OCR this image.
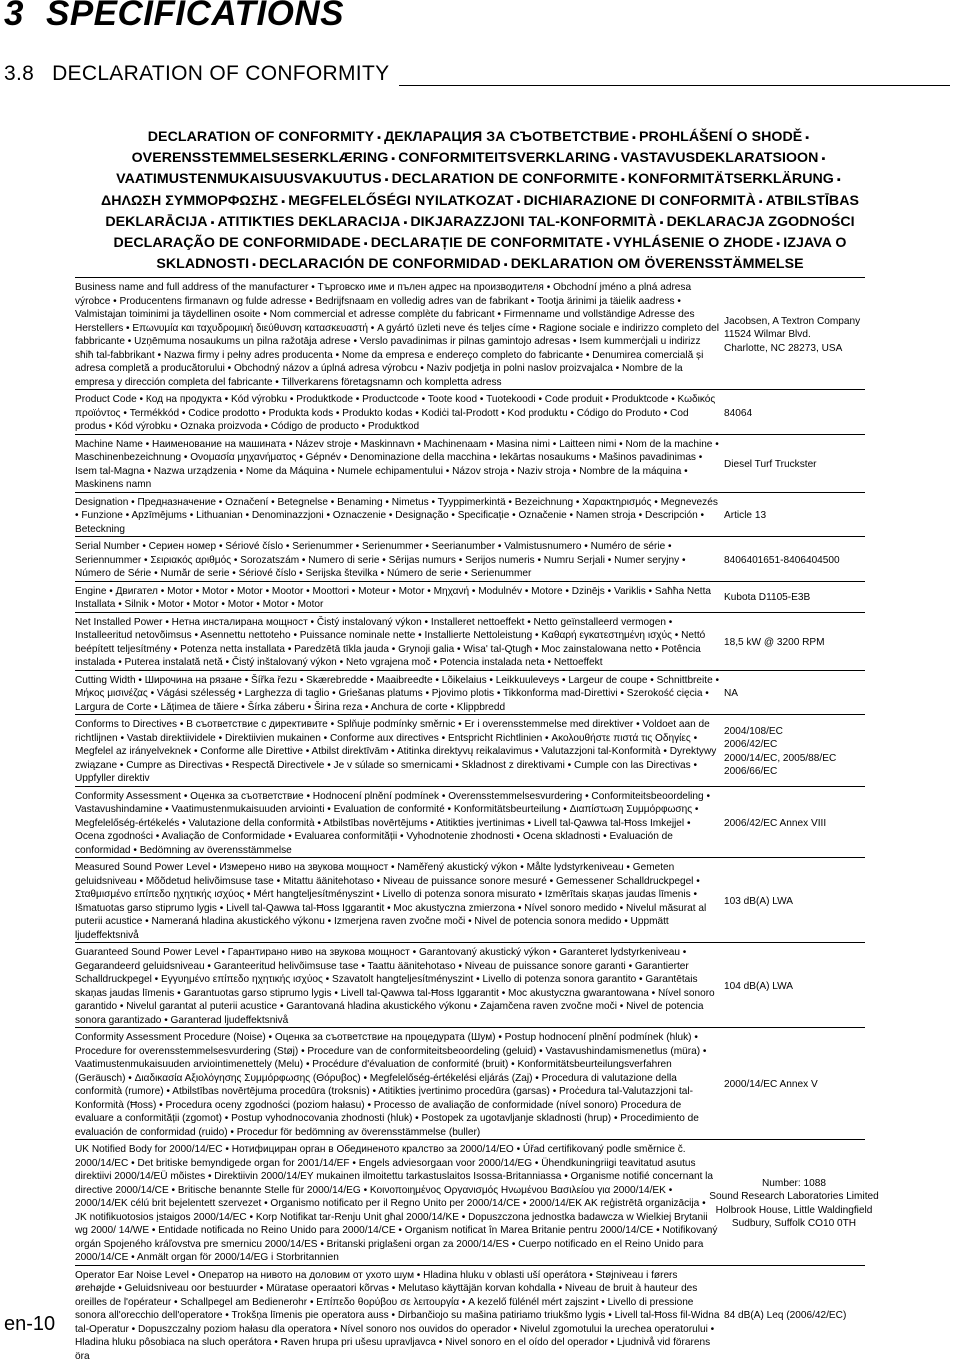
3 SPECIFICATIONS
3.8 DECLARATION OF CONFORMITY
DECLARATION OF CONFORMITY ▪ ДЕКЛАРАЦИЯ ЗА СЪОТВЕТСТВИЕ ▪ PROHLÁŠENÍ O SHODĚ ▪
OVERENSSTEMMELSESERKLÆRING ▪ CONFORMITEITSVERKLARING ▪ VASTAVUSDEKLARATSIOON ▪
VAATIMUSTENMUKAISUUSVAKUUTUS ▪ DECLARATION DE CONFORMITE ▪ KONFORMITÄTSERKLÄRUNG ▪
ΔΗΛΩΣΗ ΣΥΜΜΟΡΦΩΣΗΣ ▪ MEGFELELŐSÉGI NYILATKOZAT ▪ DICHIARAZIONE DI CONFORMITÀ ▪ ATBILSTĪBAS
DEKLARĀCIJA ▪ ATITIKTIES DEKLARACIJA ▪ DIKJARAZZJONI TAL-KONFORMITÀ ▪ DEKLARACJA ZGODNOŚCI
DECLARAÇÃO DE CONFORMIDADE ▪ DECLARAȚIE DE CONFORMITATE ▪ VYHLÁSENIE O ZHODE ▪ IZJAVA O
SKLADNOSTI ▪ DECLARACIÓN DE CONFORMIDAD ▪ DEKLARATION OM ÖVERENSSTÄMMELSE
Business name and full address of the manufacturer • Търговско име и пълен адрес на производителя • Obchodní jméno a plná adresa výrobce • Producentens firmanavn og fulde adresse • Bedrijfsnaam en volledig adres van de fabrikant • Tootja ärinimi ja täielik aadress • Valmistajan toiminimi ja täydellinen osoite • Nom commercial et adresse complète du fabricant • Firmenname und vollständige Adresse des Herstellers • Επωνυμία και ταχυδρομική διεύθυνση κατασκευαστή • A gyártó üzleti neve és teljes címe • Ragione sociale e indirizzo completo del fabbricante • Uzņēmuma nosaukums un pilna ražotāja adrese • Verslo pavadinimas ir pilnas gamintojo adresas • Isem kummerċjali u indirizz sħiħ tal-fabbrikant • Nazwa firmy i pełny adres producenta • Nome da empresa e endereço completo do fabricante • Denumirea comercială și adresa completă a producătorului • Obchodný názov a úplná adresa výrobcu • Naziv podjetja in polni naslov proizvajalca • Nombre de la empresa y dirección completa del fabricante • Tillverkarens företagsnamn och kompletta adress
Jacobsen, A Textron Company
11524 Wilmar Blvd.
Charlotte, NC 28273, USA
Product Code • Код на продукта • Kód výrobku • Produktkode • Productcode • Toote kood • Tuotekoodi • Code produit • Produktcode • Κωδικός προϊόντος • Termékkód • Codice prodotto • Produkta kods • Produkto kodas • Kodiċi tal-Prodott • Kod produktu • Código do Produto • Cod produs • Kód výrobku • Oznaka proizvoda • Código de producto • Produktkod
84064
Machine Name • Наименование на машината • Název stroje • Maskinnavn • Machinenaam • Masina nimi • Laitteen nimi • Nom de la machine • Maschinenbezeichnung • Ονομασία μηχανήματος • Gépnév • Denominazione della macchina • Iekārtas nosaukums • Mašinos pavadinimas • Isem tal-Magna • Nazwa urządzenia • Nome da Máquina • Numele echipamentului • Názov stroja • Naziv stroja • Nombre de la máquina • Maskinens namn
Diesel Turf Truckster
Designation • Предназначение • Označení • Betegnelse • Benaming • Nimetus • Tyyppimerkintä • Bezeichnung • Χαρακτηρισμός • Megnevezés • Funzione • Apzīmējums • Lithuanian • Denominazzjoni • Oznaczenie • Designação • Specificație • Označenie • Namen stroja • Descripción • Beteckning
Article 13
Serial Number • Сериен номер • Sériové číslo • Serienummer • Serienummer • Seerianumber • Valmistusnumero • Numéro de série • Seriennummer • Σειριακός αριθμός • Sorozatszám • Numero di serie • Sērijas numurs • Serijos numeris • Numru Serjali • Numer seryjny • Número de Série • Număr de serie • Sériové číslo • Serijska številka • Número de serie • Serienummer
8406401651-8406404500
Engine • Двигател • Motor • Motor • Motor • Mootor • Moottori • Moteur • Motor • Μηχανή • Modulnév • Motore • Dzinējs • Variklis • Saħħa Netta Installata • Silnik • Motor • Motor • Motor • Motor • Motor
Kubota D1105-E3B
Net Installed Power • Нетна инсталирана мощност • Čistý instalovaný výkon • Installeret nettoeffekt • Netto geïnstalleerd vermogen • Installeeritud netovõimsus • Asennettu nettoteho • Puissance nominale nette • Installierte Nettoleistung • Καθαρή εγκατεστημένη ισχύς • Nettó beépített teljesítmény • Potenza netta installata • Paredzētā tīkla jauda • Grynoji galia • Wisa' tal-Qtugħ • Moc zainstalowana netto • Potência instalada • Puterea instalată netă • Čistý inštalovaný výkon • Neto vgrajena moč • Potencia instalada neta • Nettoeffekt
18,5 kW @ 3200 RPM
Cutting Width • Широчина на рязане • Šířka řezu • Skærebredde • Maaibreedte • Lõikelaius • Leikkuuleveys • Largeur de coupe • Schnittbreite • Μήκος μισινέζας • Vágási szélesség • Larghezza di taglio • Griešanas platums • Pjovimo plotis • Tikkonforma mad-Direttivi • Szerokość cięcia • Largura de Corte • Lățimea de tăiere • Šírka záberu • Širina reza • Anchura de corte • Klippbredd
NA
Conforms to Directives • В съответствие с директивите • Splňuje podmínky směrnic • Er i overensstemmelse med direktiver • Voldoet aan de richtlijnen • Vastab direktiividele • Direktiivien mukainen • Conforme aux directives • Entspricht Richtlinien • Ακολουθήστε πιστά τις Οδηγίες • Megfelel az irányelveknek • Conforme alle Direttive • Atbilst direktīvām • Atitinka direktyvų reikalavimus • Valutazzjoni tal-Konformità • Dyrektywy związane • Cumpre as Directivas • Respectă Directivele • Je v súlade so smernicami • Skladnost z direktivami • Cumple con las Directivas • Uppfyller direktiv
2004/108/EC
2006/42/EC
2000/14/EC, 2005/88/EC
2006/66/EC
Conformity Assessment • Оценка за съответствие • Hodnocení plnění podmínek • Overensstemmelsesvurdering • Conformiteitsbeoordeling • Vastavushindamine • Vaatimustenmukaisuuden arviointi • Evaluation de conformité • Konformitätsbeurteilung • Διαπίστωση Συμμόρφωσης • Megfelelőség-értékelés • Valutazione della conformità • Atbilstības novērtējums • Atitikties įvertinimas • Livell tal-Qawwa tal-Ħoss Imkejjel • Ocena zgodności • Avaliação de Conformidade • Evaluarea conformității • Vyhodnotenie zhodnosti • Ocena skladnosti • Evaluación de conformidad • Bedömning av överensstämmelse
2006/42/EC Annex VIII
Measured Sound Power Level • Измерено ниво на звукова мощност • Naměřený akustický výkon • Målte lydstyrkeniveau • Gemeten geluidsniveau • Mõõdetud helivõimsuse tase • Mitattu äänitehotaso • Niveau de puissance sonore mesuré • Gemessener Schalldruckpegel • Σταθμισμένο επίπεδο ηχητικής ισχύος • Mért hangteljesítményszint • Livello di potenza sonora misurato • Izmērītais skaņas jaudas līmenis • Išmatuotas garso stiprumo lygis • Livell tal-Qawwa tal-Ħoss Iggarantit • Moc akustyczna zmierzona • Nível sonoro medido • Nivelul măsurat al puterii acustice • Nameraná hladina akustického výkonu • Izmerjena raven zvočne moči • Nivel de potencia sonora medido • Uppmätt ljudeffektsnivå
103 dB(A) LWA
Guaranteed Sound Power Level • Гарантирано ниво на звукова мощност • Garantovaný akustický výkon • Garanteret lydstyrkeniveau • Gegarandeerd geluidsniveau • Garanteeritud helivõimsuse tase • Taattu äänitehotaso • Niveau de puissance sonore garanti • Garantierter Schalldruckpegel • Εγγυημένο επίπεδο ηχητικής ισχύος • Szavatolt hangteljesítményszint • Livello di potenza sonora garantito • Garantētais skaņas jaudas līmenis • Garantuotas garso stiprumo lygis • Livell tal-Qawwa tal-Ħoss Iggarantit • Moc akustyczna gwarantowana • Nível sonoro garantido • Nivelul garantat al puterii acustice • Garantovaná hladina akustického výkonu • Zajamčena raven zvočne moči • Nivel de potencia sonora garantizado • Garanterad ljudeffektsnivå
104 dB(A) LWA
Conformity Assessment Procedure (Noise) • Оценка за съответствие на процедурата (Шум) • Postup hodnocení plnění podmínek (hluk) • Procedure for overensstemmelsesvurdering (Støj) • Procedure van de conformiteitsbeoordeling (geluid) • Vastavushindamismenetlus (müra) • Vaatimustenmukaisuuden arviointimenettely (Melu) • Procédure d'évaluation de conformité (bruit) • Konformitätsbeurteilungsverfahren (Geräusch) • Διαδικασία Αξιολόγησης Συμμόρφωσης (Θόρυβος) • Megfelelőség-értékelési eljárás (Zaj) • Procedura di valutazione della conformità (rumore) • Atbilstības novērtējuma procedūra (troksnis) • Atitikties įvertinimo procedūra (garsas) • Proċedura tal-Valutazzjoni tal-Konformità (Ħoss) • Procedura oceny zgodności (poziom hałasu) • Processo de avaliação de conformidade (nível sonoro) Procedura de evaluare a conformității (zgomot) • Postup vyhodnocovania zhodnosti (hluk) • Postopek za ugotavljanje skladnosti (hrup) • Procedimiento de evaluación de conformidad (ruido) • Procedur för bedömning av överensstämmelse (buller)
2000/14/EC Annex V
UK Notified Body for 2000/14/EC • Нотифициран орган в Обединеното кралство за 2000/14/EO • Úřad certifikovaný podle směrnice č. 2000/14/EC • Det britiske bemyndigede organ for 2001/14/EF • Engels adviesorgaan voor 2000/14/EG • Ühendkuningriigi teavitatud asutus direktiivi 2000/14/EÜ mõistes • Direktiivin 2000/14/EY mukainen ilmoitettu tarkastuslaitos Isossa-Britanniassa • Organisme notifié concernant la directive 2000/14/CE • Britische benannte Stelle für 2000/14/EG • Κοινοποιημένος Οργανισμός Ηνωμένου Βασιλείου για 2000/14/ΕΚ • 2000/14/EK célú brit bejelentett szervezet • Organismo notificato per il Regno Unito per 2000/14/CE • 2000/14/EK AK reģistrētā organizācija • JK notifikuotosios įstaigos 2000/14/EC • Korp Notifikat tar-Renju Unit għal 2000/14/KE • Dopuszczona jednostka badawcza w Wielkiej Brytanii wg 2000/ 14/WE • Entidade notificada no Reino Unido para 2000/14/CE • Organism notificat în Marea Britanie pentru 2000/14/CE • Notifikovaný orgán Spojeného kráľovstva pre smernicu 2000/14/ES • Britanski priglašeni organ za 2000/14/ES • Cuerpo notificado en el Reino Unido para 2000/14/CE • Anmält organ för 2000/14/EG i Storbritannien
Number: 1088
Sound Research Laboratories Limited
Holbrook House, Little Waldingfield
Sudbury, Suffolk CO10 0TH
Operator Ear Noise Level • Оператор на нивото на доловим от ухото шум • Hladina hluku v oblasti uší operátora • Støjniveau i førers ørehøjde • Geluidsniveau oor bestuurder • Müratase operaatori kõrvas • Melutaso käyttäjän korvan kohdalla • Niveau de bruit à hauteur des oreilles de l'opérateur • Schallpegel am Bedienerohr • Επίπεδο θορύβου σε λειτουργία • A kezelő fülénél mért zajszint • Livello di pressione sonora all'orecchio dell'operatore • Trokšņa līmenis pie operatora auss • Dirbančiojo su mašina patiriamo triukšmo lygis • Livell tal-Ħoss fil-Widna tal-Operatur • Dopuszczalny poziom hałasu dla operatora • Nível sonoro nos ouvidos do operador • Nivelul zgomotului la urechea operatorului • Hladina hluku pôsobiaca na sluch operátora • Raven hrupa pri ušesu upravljavca • Nivel sonoro en el oído del operador • Ljudnivå vid förarens öra
84 dB(A) Leq (2006/42/EC)
en-10
